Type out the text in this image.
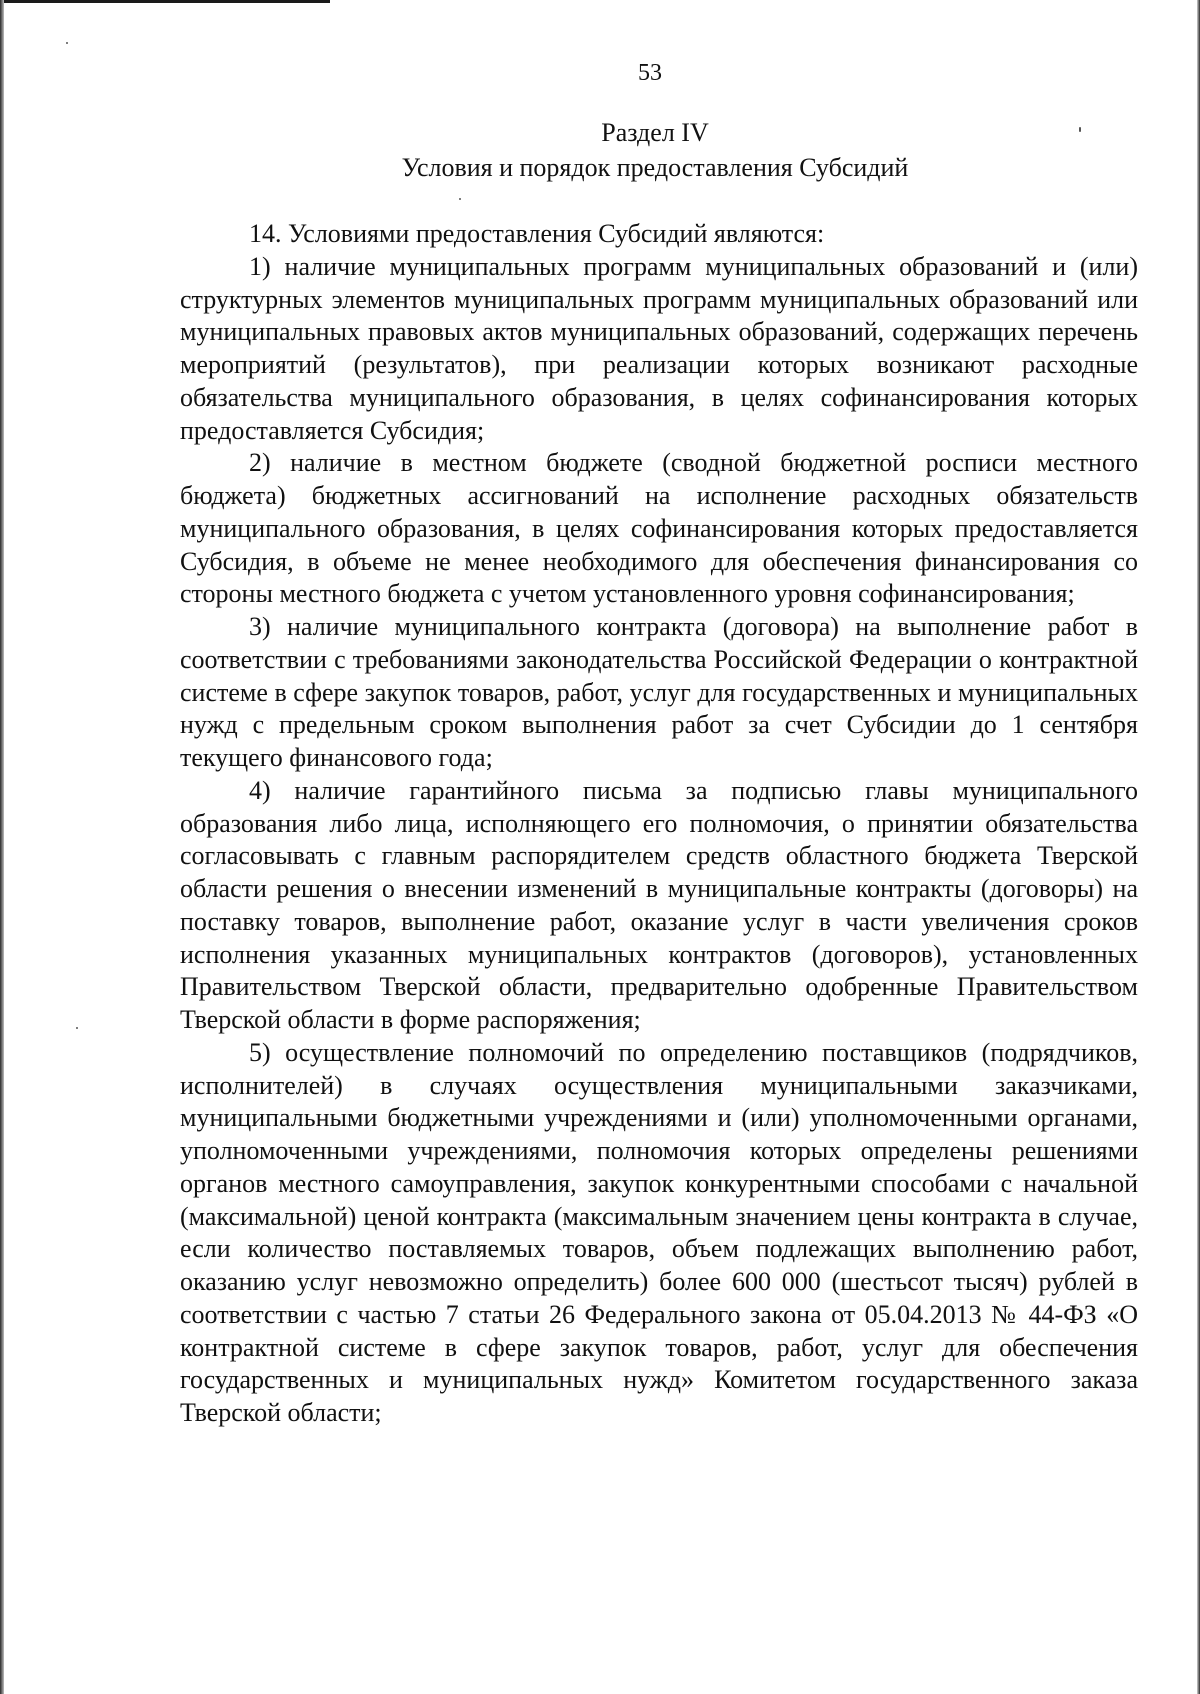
53
Раздел IV
Условия и порядок предоставления Субсидий

14. Условиями предоставления Субсидий являются:

1) наличие муниципальных программ муниципальных образований и (или) структурных элементов муниципальных программ муниципальных образований или муниципальных правовых актов муниципальных образований, содержащих перечень мероприятий (результатов), при реализации которых возникают расходные обязательства муниципального образования, в целях софинансирования которых предоставляется Субсидия;

2) наличие в местном бюджете (сводной бюджетной росписи местного бюджета) бюджетных ассигнований на исполнение расходных обязательств муниципального образования, в целях софинансирования которых предоставляется Субсидия, в объеме не менее необходимого для обеспечения финансирования со стороны местного бюджета с учетом установленного уровня софинансирования;

3) наличие муниципального контракта (договора) на выполнение работ в соответствии с требованиями законодательства Российской Федерации о контрактной системе в сфере закупок товаров, работ, услуг для государственных и муниципальных нужд с предельным сроком выполнения работ за счет Субсидии до 1 сентября текущего финансового года;

4) наличие гарантийного письма за подписью главы муниципального образования либо лица, исполняющего его полномочия, о принятии обязательства согласовывать с главным распорядителем средств областного бюджета Тверской области решения о внесении изменений в муниципальные контракты (договоры) на поставку товаров, выполнение работ, оказание услуг в части увеличения сроков исполнения указанных муниципальных контрактов (договоров), установленных Правительством Тверской области, предварительно одобренные Правительством Тверской области в форме распоряжения;

5) осуществление полномочий по определению поставщиков (подрядчиков, исполнителей) в случаях осуществления муниципальными заказчиками, муниципальными бюджетными учреждениями и (или) уполномоченными органами, уполномоченными учреждениями, полномочия которых определены решениями органов местного самоуправления, закупок конкурентными способами с начальной (максимальной) ценой контракта (максимальным значением цены контракта в случае, если количество поставляемых товаров, объем подлежащих выполнению работ, оказанию услуг невозможно определить) более 600 000 (шестьсот тысяч) рублей в соответствии с частью 7 статьи 26 Федерального закона от 05.04.2013 № 44-ФЗ «О контрактной системе в сфере закупок товаров, работ, услуг для обеспечения государственных и муниципальных нужд» Комитетом государственного заказа Тверской области;
